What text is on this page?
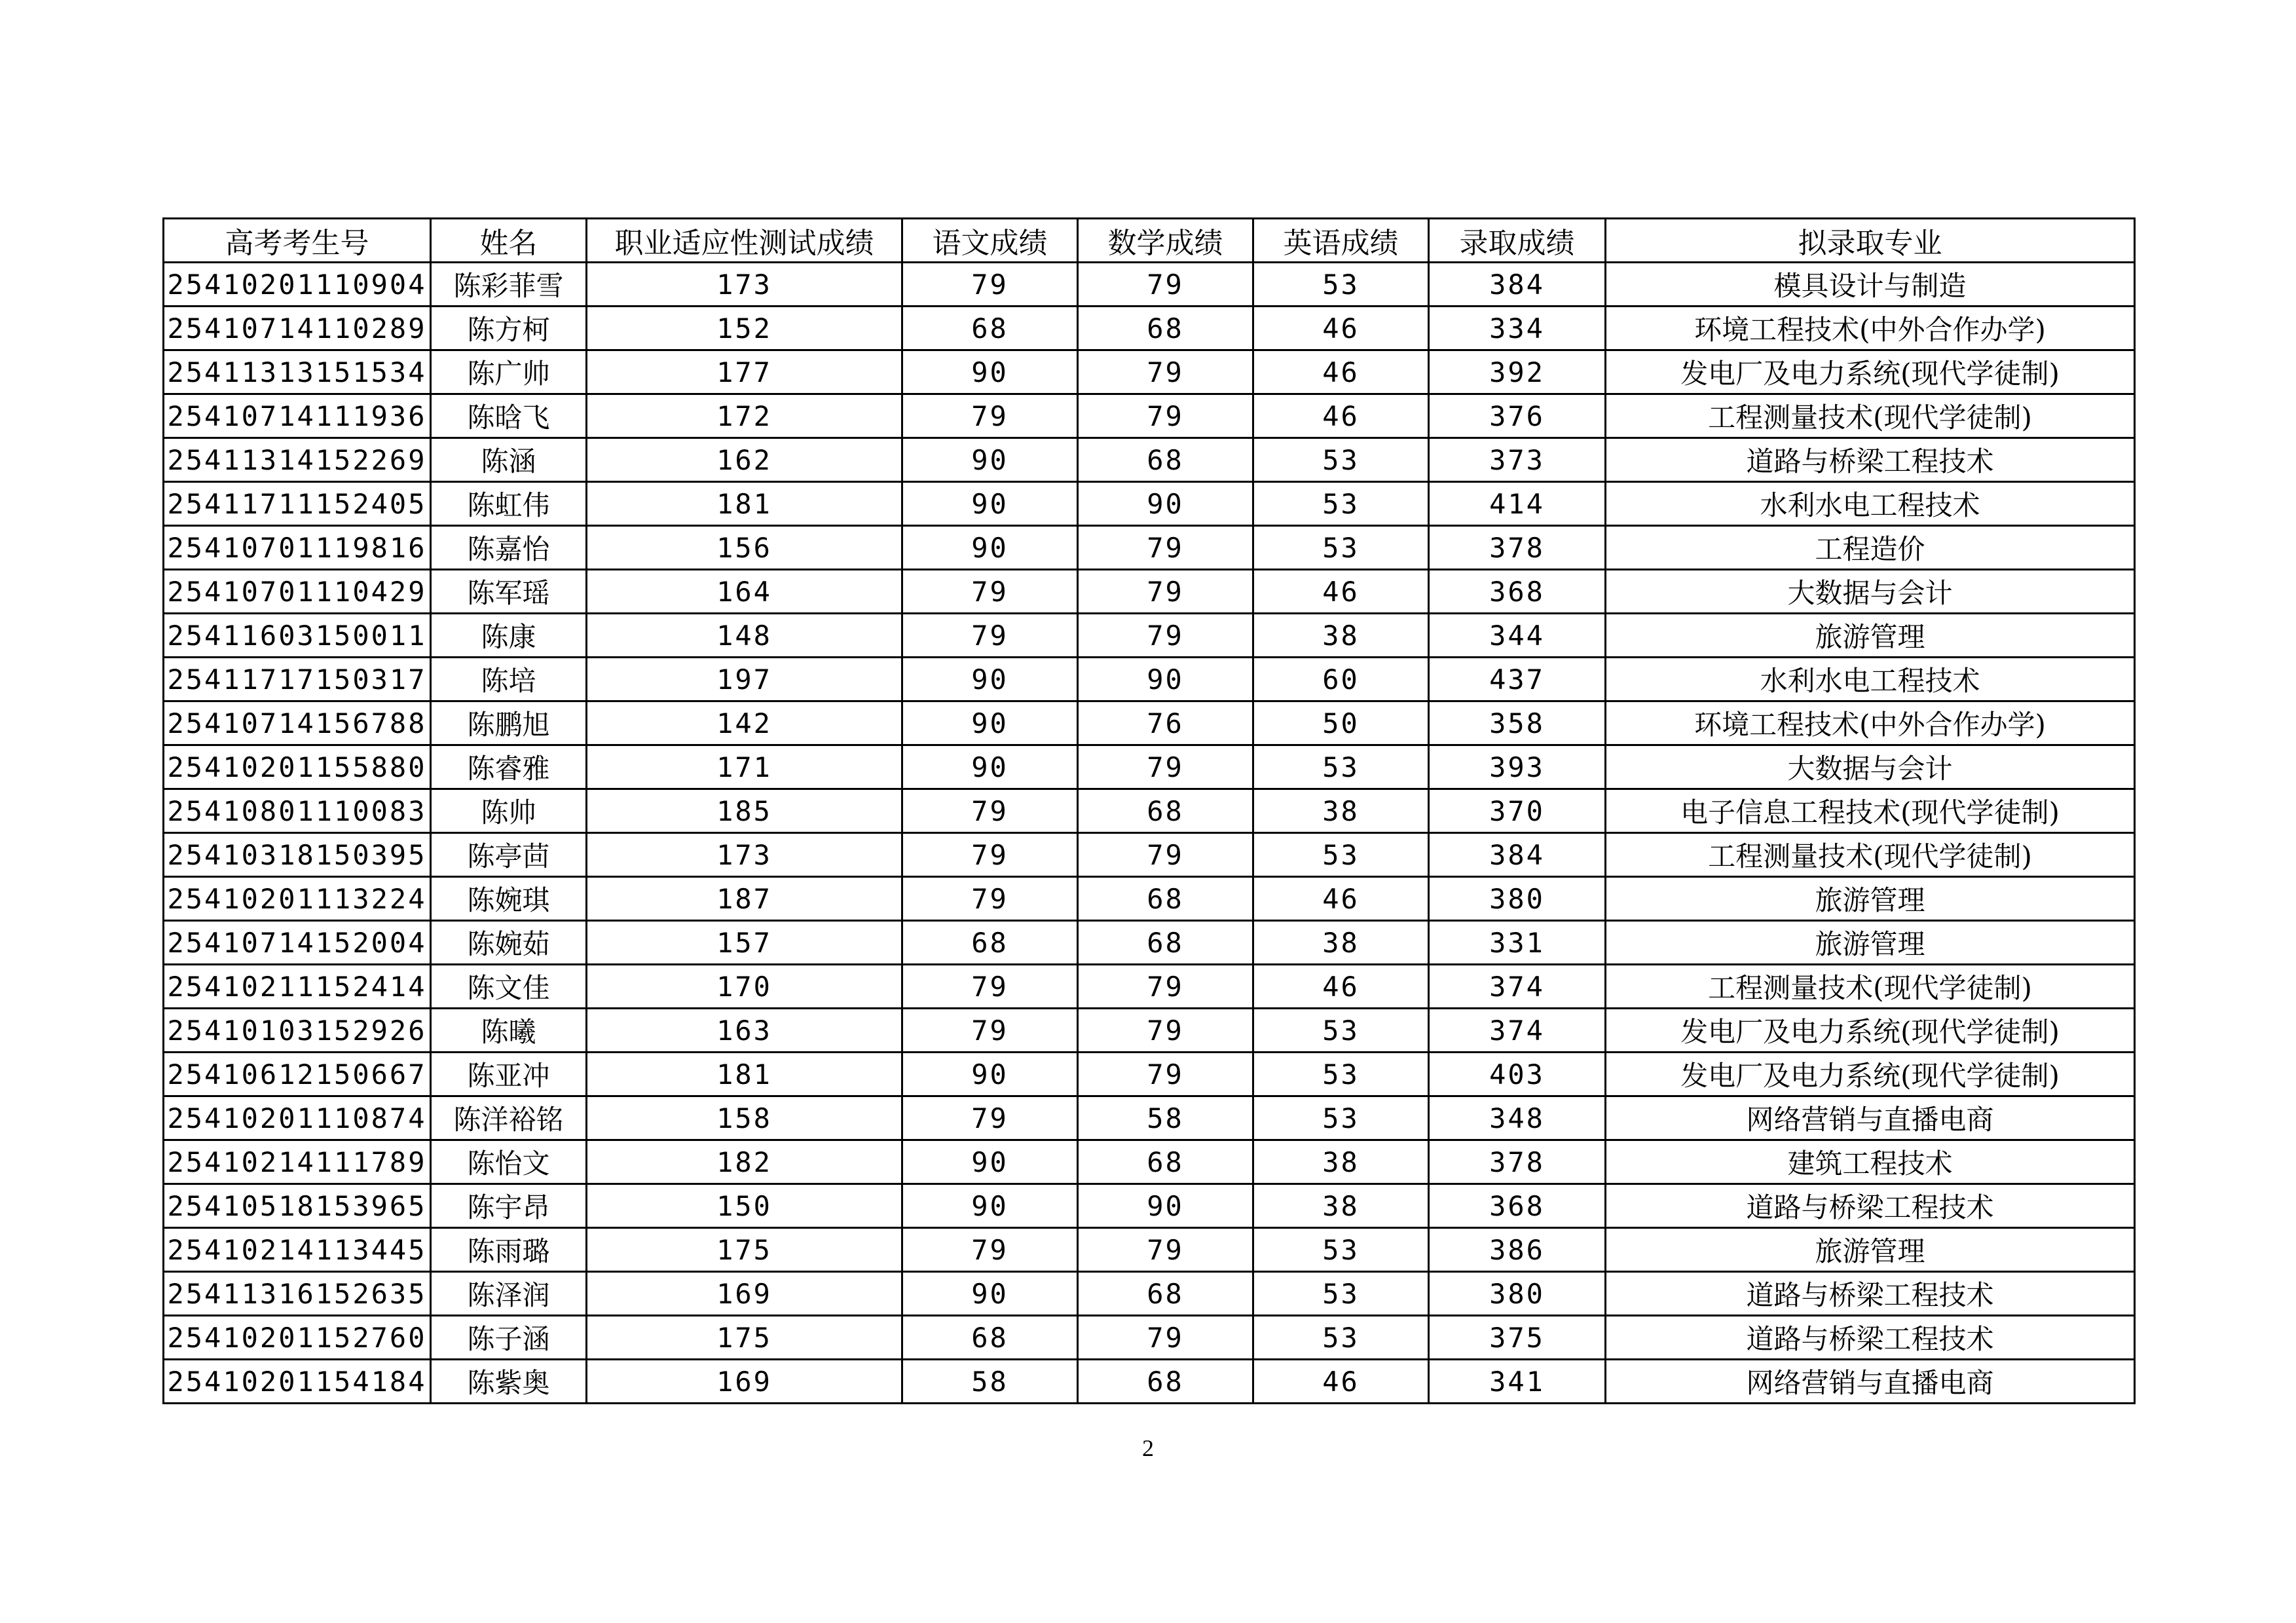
高考考生号	姓名	职业适应性测试成绩	语文成绩	数学成绩	英语成绩	录取成绩	拟录取专业
25410201110904	陈彩菲雪	173	79	79	53	384	模具设计与制造
25410714110289	陈方柯	152	68	68	46	334	环境工程技术(中外合作办学)
25411313151534	陈广帅	177	90	79	46	392	发电厂及电力系统(现代学徒制)
25410714111936	陈晗飞	172	79	79	46	376	工程测量技术(现代学徒制)
25411314152269	陈涵	162	90	68	53	373	道路与桥梁工程技术
25411711152405	陈虹伟	181	90	90	53	414	水利水电工程技术
25410701119816	陈嘉怡	156	90	79	53	378	工程造价
25410701110429	陈军瑶	164	79	79	46	368	大数据与会计
25411603150011	陈康	148	79	79	38	344	旅游管理
25411717150317	陈培	197	90	90	60	437	水利水电工程技术
25410714156788	陈鹏旭	142	90	76	50	358	环境工程技术(中外合作办学)
25410201155880	陈睿雅	171	90	79	53	393	大数据与会计
25410801110083	陈帅	185	79	68	38	370	电子信息工程技术(现代学徒制)
25410318150395	陈亭茴	173	79	79	53	384	工程测量技术(现代学徒制)
25410201113224	陈婉琪	187	79	68	46	380	旅游管理
25410714152004	陈婉茹	157	68	68	38	331	旅游管理
25410211152414	陈文佳	170	79	79	46	374	工程测量技术(现代学徒制)
25410103152926	陈曦	163	79	79	53	374	发电厂及电力系统(现代学徒制)
25410612150667	陈亚冲	181	90	79	53	403	发电厂及电力系统(现代学徒制)
25410201110874	陈洋裕铭	158	79	58	53	348	网络营销与直播电商
25410214111789	陈怡文	182	90	68	38	378	建筑工程技术
25410518153965	陈宇昂	150	90	90	38	368	道路与桥梁工程技术
25410214113445	陈雨璐	175	79	79	53	386	旅游管理
25411316152635	陈泽润	169	90	68	53	380	道路与桥梁工程技术
25410201152760	陈子涵	175	68	79	53	375	道路与桥梁工程技术
25410201154184	陈紫奥	169	58	68	46	341	网络营销与直播电商
2
